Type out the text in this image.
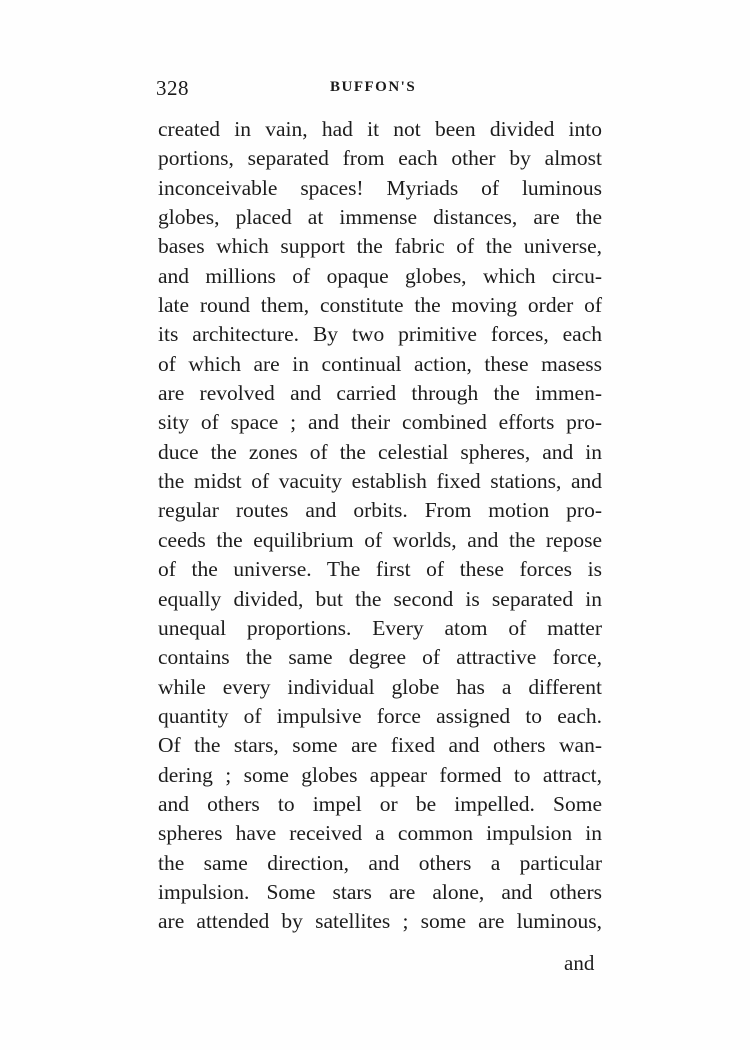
328	BUFFON'S
created in vain, had it not been divided into
portions, separated from each other by almost
inconceivable spaces! Myriads of luminous
globes, placed at immense distances, are the
bases which support the fabric of the universe,
and millions of opaque globes, which circu-
late round them, constitute the moving order of
its architecture. By two primitive forces, each
of which are in continual action, these masess
are revolved and carried through the immen-
sity of space ; and their combined efforts pro-
duce the zones of the celestial spheres, and in
the midst of vacuity establish fixed stations, and
regular routes and orbits. From motion pro-
ceeds the equilibrium of worlds, and the repose
of the universe. The first of these forces is
equally divided, but the second is separated in
unequal proportions. Every atom of matter
contains the same degree of attractive force,
while every individual globe has a different
quantity of impulsive force assigned to each.
Of the stars, some are fixed and others wan-
dering ; some globes appear formed to attract,
and others to impel or be impelled. Some
spheres have received a common impulsion in
the same direction, and others a particular
impulsion. Some stars are alone, and others
are attended by satellites ; some are luminous,
and
